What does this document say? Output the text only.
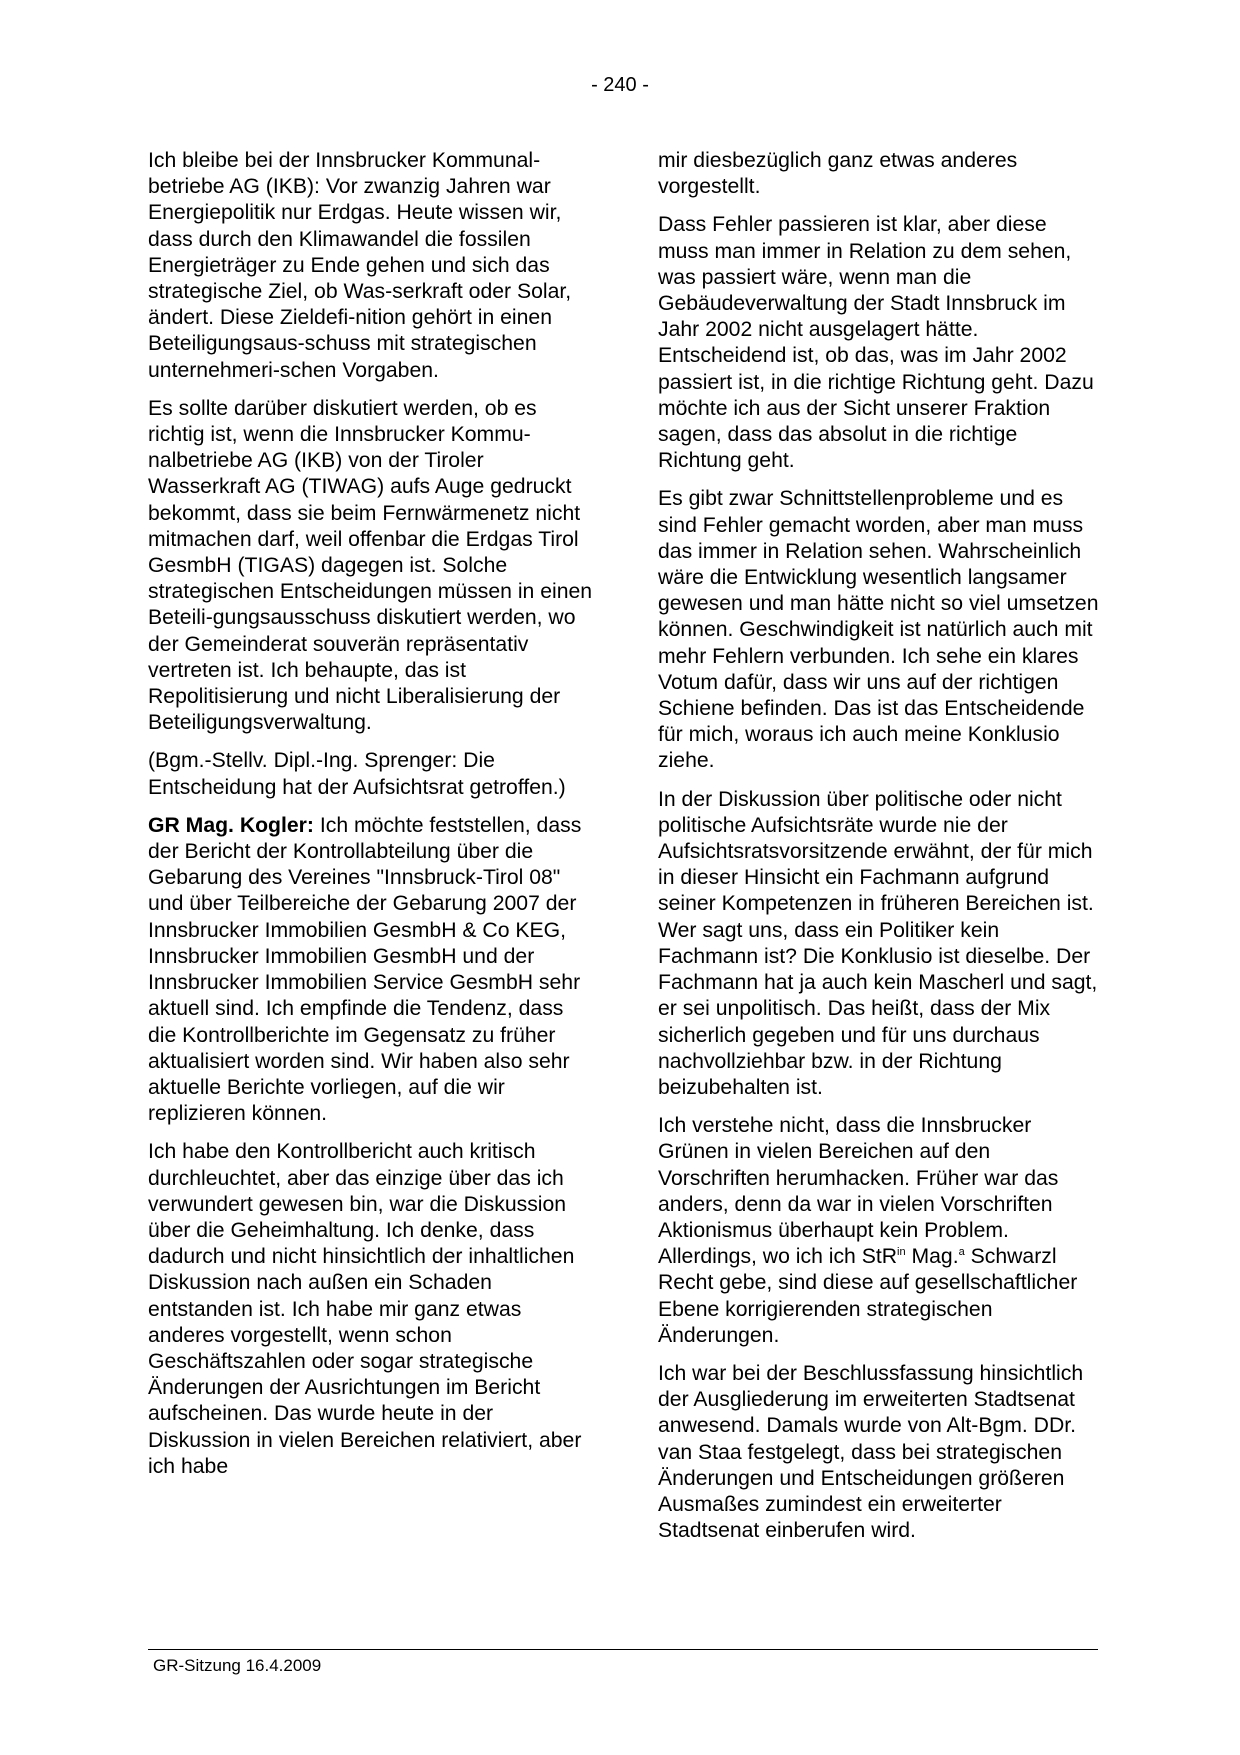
- 240 -

Ich bleibe bei der Innsbrucker Kommunal-betriebe AG (IKB): Vor zwanzig Jahren war Energiepolitik nur Erdgas. Heute wissen wir, dass durch den Klimawandel die fossilen Energieträger zu Ende gehen und sich das strategische Ziel, ob Was-serkraft oder Solar, ändert. Diese Zieldefi-nition gehört in einen Beteiligungsaus-schuss mit strategischen unternehmeri-schen Vorgaben.

Es sollte darüber diskutiert werden, ob es richtig ist, wenn die Innsbrucker Kommu-nalbetriebe AG (IKB) von der Tiroler Wasserkraft AG (TIWAG) aufs Auge gedruckt bekommt, dass sie beim Fernwärmenetz nicht mitmachen darf, weil offenbar die Erdgas Tirol GesmbH (TIGAS) dagegen ist. Solche strategischen Entscheidungen müssen in einen Beteili-gungsausschuss diskutiert werden, wo der Gemeinderat souverän repräsentativ vertreten ist. Ich behaupte, das ist Repolitisierung und nicht Liberalisierung der Beteiligungsverwaltung.

(Bgm.-Stellv. Dipl.-Ing. Sprenger: Die Entscheidung hat der Aufsichtsrat getroffen.)

GR Mag. Kogler: Ich möchte feststellen, dass der Bericht der Kontrollabteilung über die Gebarung des Vereines "Innsbruck-Tirol 08" und über Teilbereiche der Gebarung 2007 der Innsbrucker Immobilien GesmbH & Co KEG, Innsbrucker Immobilien GesmbH und der Innsbrucker Immobilien Service GesmbH sehr aktuell sind. Ich empfinde die Tendenz, dass die Kontrollberichte im Gegensatz zu früher aktualisiert worden sind. Wir haben also sehr aktuelle Berichte vorliegen, auf die wir replizieren können.

Ich habe den Kontrollbericht auch kritisch durchleuchtet, aber das einzige über das ich verwundert gewesen bin, war die Diskussion über die Geheimhaltung. Ich denke, dass dadurch und nicht hinsichtlich der inhaltlichen Diskussion nach außen ein Schaden entstanden ist. Ich habe mir ganz etwas anderes vorgestellt, wenn schon Geschäftszahlen oder sogar strategische Änderungen der Ausrichtungen im Bericht aufscheinen. Das wurde heute in der Diskussion in vielen Bereichen relativiert, aber ich habe

mir diesbezüglich ganz etwas anderes vorgestellt.

Dass Fehler passieren ist klar, aber diese muss man immer in Relation zu dem sehen, was passiert wäre, wenn man die Gebäudeverwaltung der Stadt Innsbruck im Jahr 2002 nicht ausgelagert hätte. Entscheidend ist, ob das, was im Jahr 2002 passiert ist, in die richtige Richtung geht. Dazu möchte ich aus der Sicht unserer Fraktion sagen, dass das absolut in die richtige Richtung geht.

Es gibt zwar Schnittstellenprobleme und es sind Fehler gemacht worden, aber man muss das immer in Relation sehen. Wahrscheinlich wäre die Entwicklung wesentlich langsamer gewesen und man hätte nicht so viel umsetzen können. Geschwindigkeit ist natürlich auch mit mehr Fehlern verbunden. Ich sehe ein klares Votum dafür, dass wir uns auf der richtigen Schiene befinden. Das ist das Entscheidende für mich, woraus ich auch meine Konklusio ziehe.

In der Diskussion über politische oder nicht politische Aufsichtsräte wurde nie der Aufsichtsratsvorsitzende erwähnt, der für mich in dieser Hinsicht ein Fachmann aufgrund seiner Kompetenzen in früheren Bereichen ist. Wer sagt uns, dass ein Politiker kein Fachmann ist? Die Konklusio ist dieselbe. Der Fachmann hat ja auch kein Mascherl und sagt, er sei unpolitisch. Das heißt, dass der Mix sicherlich gegeben und für uns durchaus nachvollziehbar bzw. in der Richtung beizubehalten ist.

Ich verstehe nicht, dass die Innsbrucker Grünen in vielen Bereichen auf den Vorschriften herumhacken. Früher war das anders, denn da war in vielen Vorschriften Aktionismus überhaupt kein Problem. Allerdings, wo ich ich StR$^{in}$ Mag.$^a$ Schwarzl Recht gebe, sind diese auf gesellschaftlicher Ebene korrigierenden strategischen Änderungen.

Ich war bei der Beschlussfassung hinsichtlich der Ausgliederung im erweiterten Stadtsenat anwesend. Damals wurde von Alt-Bgm. DDr. van Staa festgelegt, dass bei strategischen Änderungen und Entscheidungen größeren Ausmaßes zumindest ein erweiterter Stadtsenat einberufen wird.

GR-Sitzung 16.4.2009
